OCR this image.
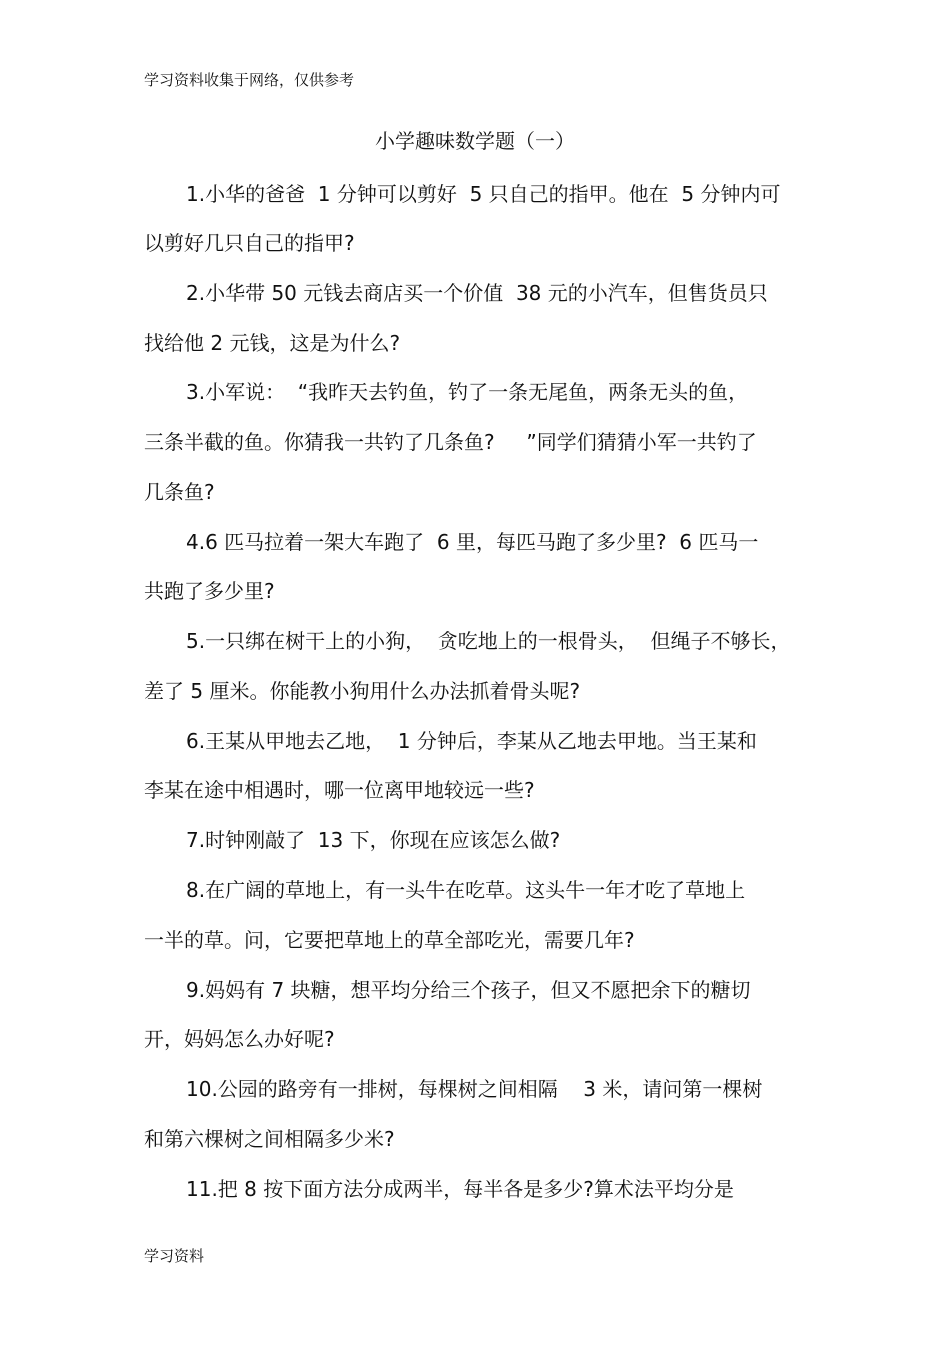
学习资料收集于网络，仅供参考
小学趣味数学题（一）
1.小华的爸爸  1 分钟可以剪好  5 只自己的指甲。他在  5 分钟内可
以剪好几只自己的指甲?
2.小华带 50 元钱去商店买一个价值  38 元的小汽车，但售货员只
找给他 2 元钱，这是为什么?
3.小军说：  “我昨天去钓鱼，钓了一条无尾鱼，两条无头的鱼，
三条半截的鱼。你猜我一共钓了几条鱼?     ”同学们猜猜小军一共钓了
几条鱼?
4.6 匹马拉着一架大车跑了  6 里，每匹马跑了多少里?  6 匹马一
共跑了多少里?
5.一只绑在树干上的小狗，  贪吃地上的一根骨头，  但绳子不够长，
差了 5 厘米。你能教小狗用什么办法抓着骨头呢?
6.王某从甲地去乙地，  1 分钟后，李某从乙地去甲地。当王某和
李某在途中相遇时，哪一位离甲地较远一些?
7.时钟刚敲了  13 下，你现在应该怎么做?
8.在广阔的草地上，有一头牛在吃草。这头牛一年才吃了草地上
一半的草。问，它要把草地上的草全部吃光，需要几年?
9.妈妈有 7 块糖，想平均分给三个孩子，但又不愿把余下的糖切
开，妈妈怎么办好呢?
10.公园的路旁有一排树，每棵树之间相隔    3 米，请问第一棵树
和第六棵树之间相隔多少米?
11.把 8 按下面方法分成两半，每半各是多少?算术法平均分是
学习资料
